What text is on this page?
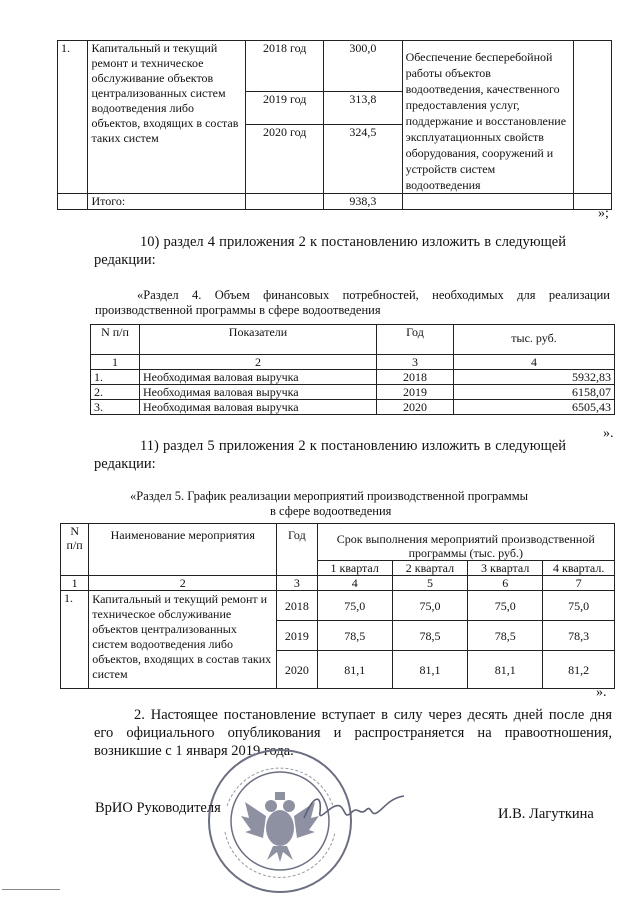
1.	Капитальный и текущий ремонт и техническое обслуживание объектов централизованных систем водоотведения либо объектов, входящих в состав таких систем	2018 год	300,0	Обеспечение бесперебойной работы объектов водоотведения, качественного предоставления услуг, поддержание и восстановление эксплуатационных свойств оборудования, сооружений и устройств систем водоотведения	
		2019 год	313,8		
		2020 год	324,5		
	Итого:		938,3		
»;
10) раздел 4 приложения 2 к постановлению изложить в следующей редакции:
«Раздел 4. Объем финансовых потребностей, необходимых для реализации производственной программы в сфере водоотведения
N п/п	Показатели	Год	тыс. руб.
1	2	3	4
1.	Необходимая валовая выручка	2018	5932,83
2.	Необходимая валовая выручка	2019	6158,07
3.	Необходимая валовая выручка	2020	6505,43
».
11) раздел 5 приложения 2 к постановлению изложить в следующей редакции:
«Раздел 5. График реализации мероприятий производственной программы
в сфере водоотведения
N п/п	Наименование мероприятия	Год	Срок выполнения мероприятий производственной программы (тыс. руб.)			
			1 квартал	2 квартал	3 квартал	4 квартал.
1	2	3	4	5	6	7
1.	Капитальный и текущий ремонт и техническое обслуживание объектов централизованных систем водоотведения либо объектов, входящих в состав таких систем	2018	75,0	75,0	75,0	75,0
		2019	78,5	78,5	78,5	78,3
		2020	81,1	81,1	81,1	81,2
».
2. Настоящее постановление вступает в силу через десять дней после дня его официального опубликования и распространяется на правоотношения, возникшие с 1 января 2019 года.
ВрИО Руководителя	И.В. Лагуткина
